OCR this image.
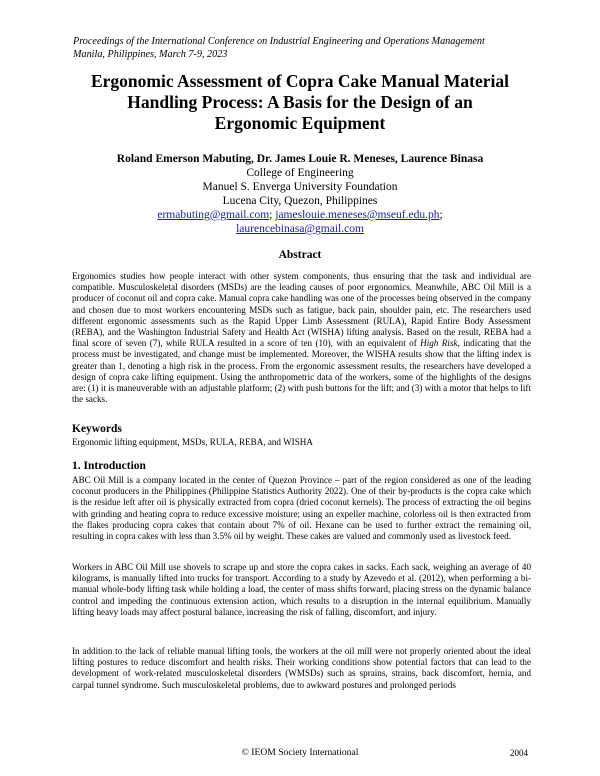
Proceedings of the International Conference on Industrial Engineering and Operations Management
Manila, Philippines, March 7-9, 2023
Ergonomic Assessment of Copra Cake Manual Material
Handling Process: A Basis for the Design of an
Ergonomic Equipment
Roland Emerson Mabuting, Dr. James Louie R. Meneses, Laurence Binasa
College of Engineering
Manuel S. Enverga University Foundation
Lucena City, Quezon, Philippines
ermabuting@gmail.com; jameslouie.meneses@mseuf.edu.ph;
laurencebinasa@gmail.com
Abstract
Ergonomics studies how people interact with other system components, thus ensuring that the task and individual are compatible. Musculoskeletal disorders (MSDs) are the leading causes of poor ergonomics. Meanwhile, ABC Oil Mill is a producer of coconut oil and copra cake. Manual copra cake handling was one of the processes being observed in the company and chosen due to most workers encountering MSDs such as fatigue, back pain, shoulder pain, etc. The researchers used different ergonomic assessments such as the Rapid Upper Limb Assessment (RULA), Rapid Entire Body Assessment (REBA), and the Washington Industrial Safety and Health Act (WISHA) lifting analysis. Based on the result, REBA had a final score of seven (7), while RULA resulted in a score of ten (10), with an equivalent of High Risk, indicating that the process must be investigated, and change must be implemented. Moreover, the WISHA results show that the lifting index is greater than 1, denoting a high risk in the process. From the ergonomic assessment results, the researchers have developed a design of copra cake lifting equipment. Using the anthropometric data of the workers, some of the highlights of the designs are: (1) it is maneuverable with an adjustable platform; (2) with push buttons for the lift; and (3) with a motor that helps to lift the sacks.
Keywords
Ergonomic lifting equipment, MSDs, RULA, REBA, and WISHA
1. Introduction
ABC Oil Mill is a company located in the center of Quezon Province – part of the region considered as one of the leading coconut producers in the Philippines (Philippine Statistics Authority 2022). One of their by-products is the copra cake which is the residue left after oil is physically extracted from copra (dried coconut kernels). The process of extracting the oil begins with grinding and heating copra to reduce excessive moisture; using an expeller machine, colorless oil is then extracted from the flakes producing copra cakes that contain about 7% of oil. Hexane can be used to further extract the remaining oil, resulting in copra cakes with less than 3.5% oil by weight. These cakes are valued and commonly used as livestock feed.
Workers in ABC Oil Mill use shovels to scrape up and store the copra cakes in sacks. Each sack, weighing an average of 40 kilograms, is manually lifted into trucks for transport. According to a study by Azevedo et al. (2012), when performing a bi-manual whole-body lifting task while holding a load, the center of mass shifts forward, placing stress on the dynamic balance control and impeding the continuous extension action, which results to a disruption in the internal equilibrium. Manually lifting heavy loads may affect postural balance, increasing the risk of falling, discomfort, and injury.
In addition to the lack of reliable manual lifting tools, the workers at the oil mill were not properly oriented about the ideal lifting postures to reduce discomfort and health risks. Their working conditions show potential factors that can lead to the development of work-related musculoskeletal disorders (WMSDs) such as sprains, strains, back discomfort, hernia, and carpal tunnel syndrome. Such musculoskeletal problems, due to awkward postures and prolonged periods
© IEOM Society International	2004
